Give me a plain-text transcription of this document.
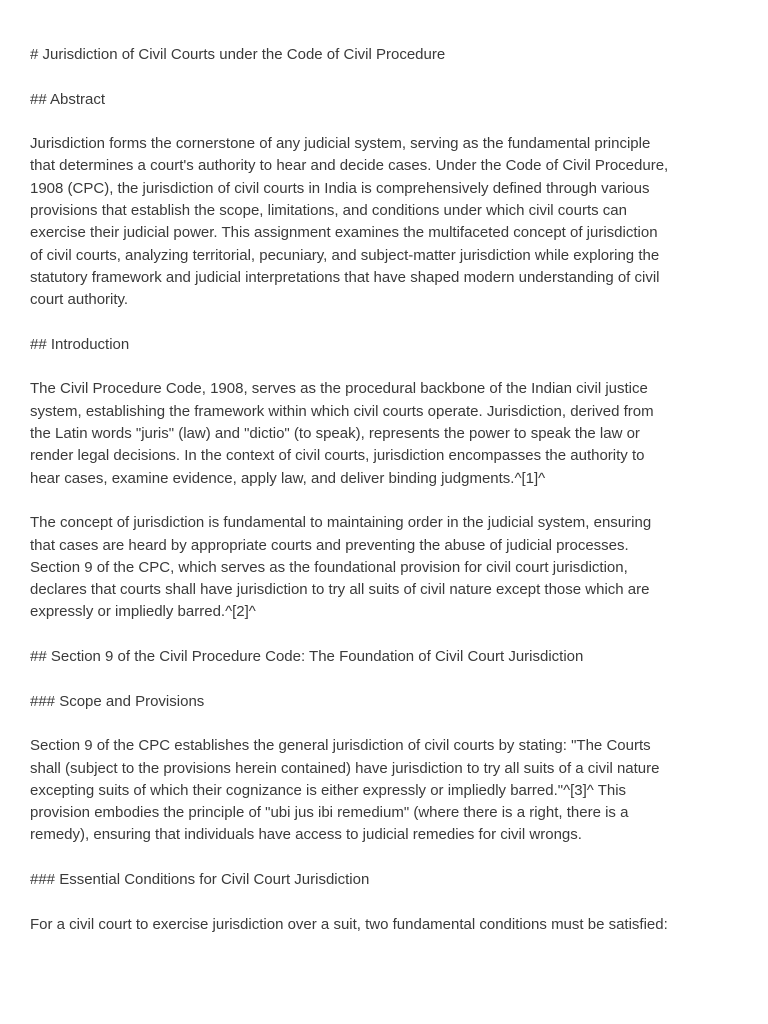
# Jurisdiction of Civil Courts under the Code of Civil Procedure
## Abstract
Jurisdiction forms the cornerstone of any judicial system, serving as the fundamental principle
that determines a court's authority to hear and decide cases. Under the Code of Civil Procedure,
1908 (CPC), the jurisdiction of civil courts in India is comprehensively defined through various
provisions that establish the scope, limitations, and conditions under which civil courts can
exercise their judicial power. This assignment examines the multifaceted concept of jurisdiction
of civil courts, analyzing territorial, pecuniary, and subject-matter jurisdiction while exploring the
statutory framework and judicial interpretations that have shaped modern understanding of civil
court authority.
## Introduction
The Civil Procedure Code, 1908, serves as the procedural backbone of the Indian civil justice
system, establishing the framework within which civil courts operate. Jurisdiction, derived from
the Latin words "juris" (law) and "dictio" (to speak), represents the power to speak the law or
render legal decisions. In the context of civil courts, jurisdiction encompasses the authority to
hear cases, examine evidence, apply law, and deliver binding judgments.^[1]^
The concept of jurisdiction is fundamental to maintaining order in the judicial system, ensuring
that cases are heard by appropriate courts and preventing the abuse of judicial processes.
Section 9 of the CPC, which serves as the foundational provision for civil court jurisdiction,
declares that courts shall have jurisdiction to try all suits of civil nature except those which are
expressly or impliedly barred.^[2]^
## Section 9 of the Civil Procedure Code: The Foundation of Civil Court Jurisdiction
### Scope and Provisions
Section 9 of the CPC establishes the general jurisdiction of civil courts by stating: "The Courts
shall (subject to the provisions herein contained) have jurisdiction to try all suits of a civil nature
excepting suits of which their cognizance is either expressly or impliedly barred."^[3]^ This
provision embodies the principle of "ubi jus ibi remedium" (where there is a right, there is a
remedy), ensuring that individuals have access to judicial remedies for civil wrongs.
### Essential Conditions for Civil Court Jurisdiction
For a civil court to exercise jurisdiction over a suit, two fundamental conditions must be satisfied:
